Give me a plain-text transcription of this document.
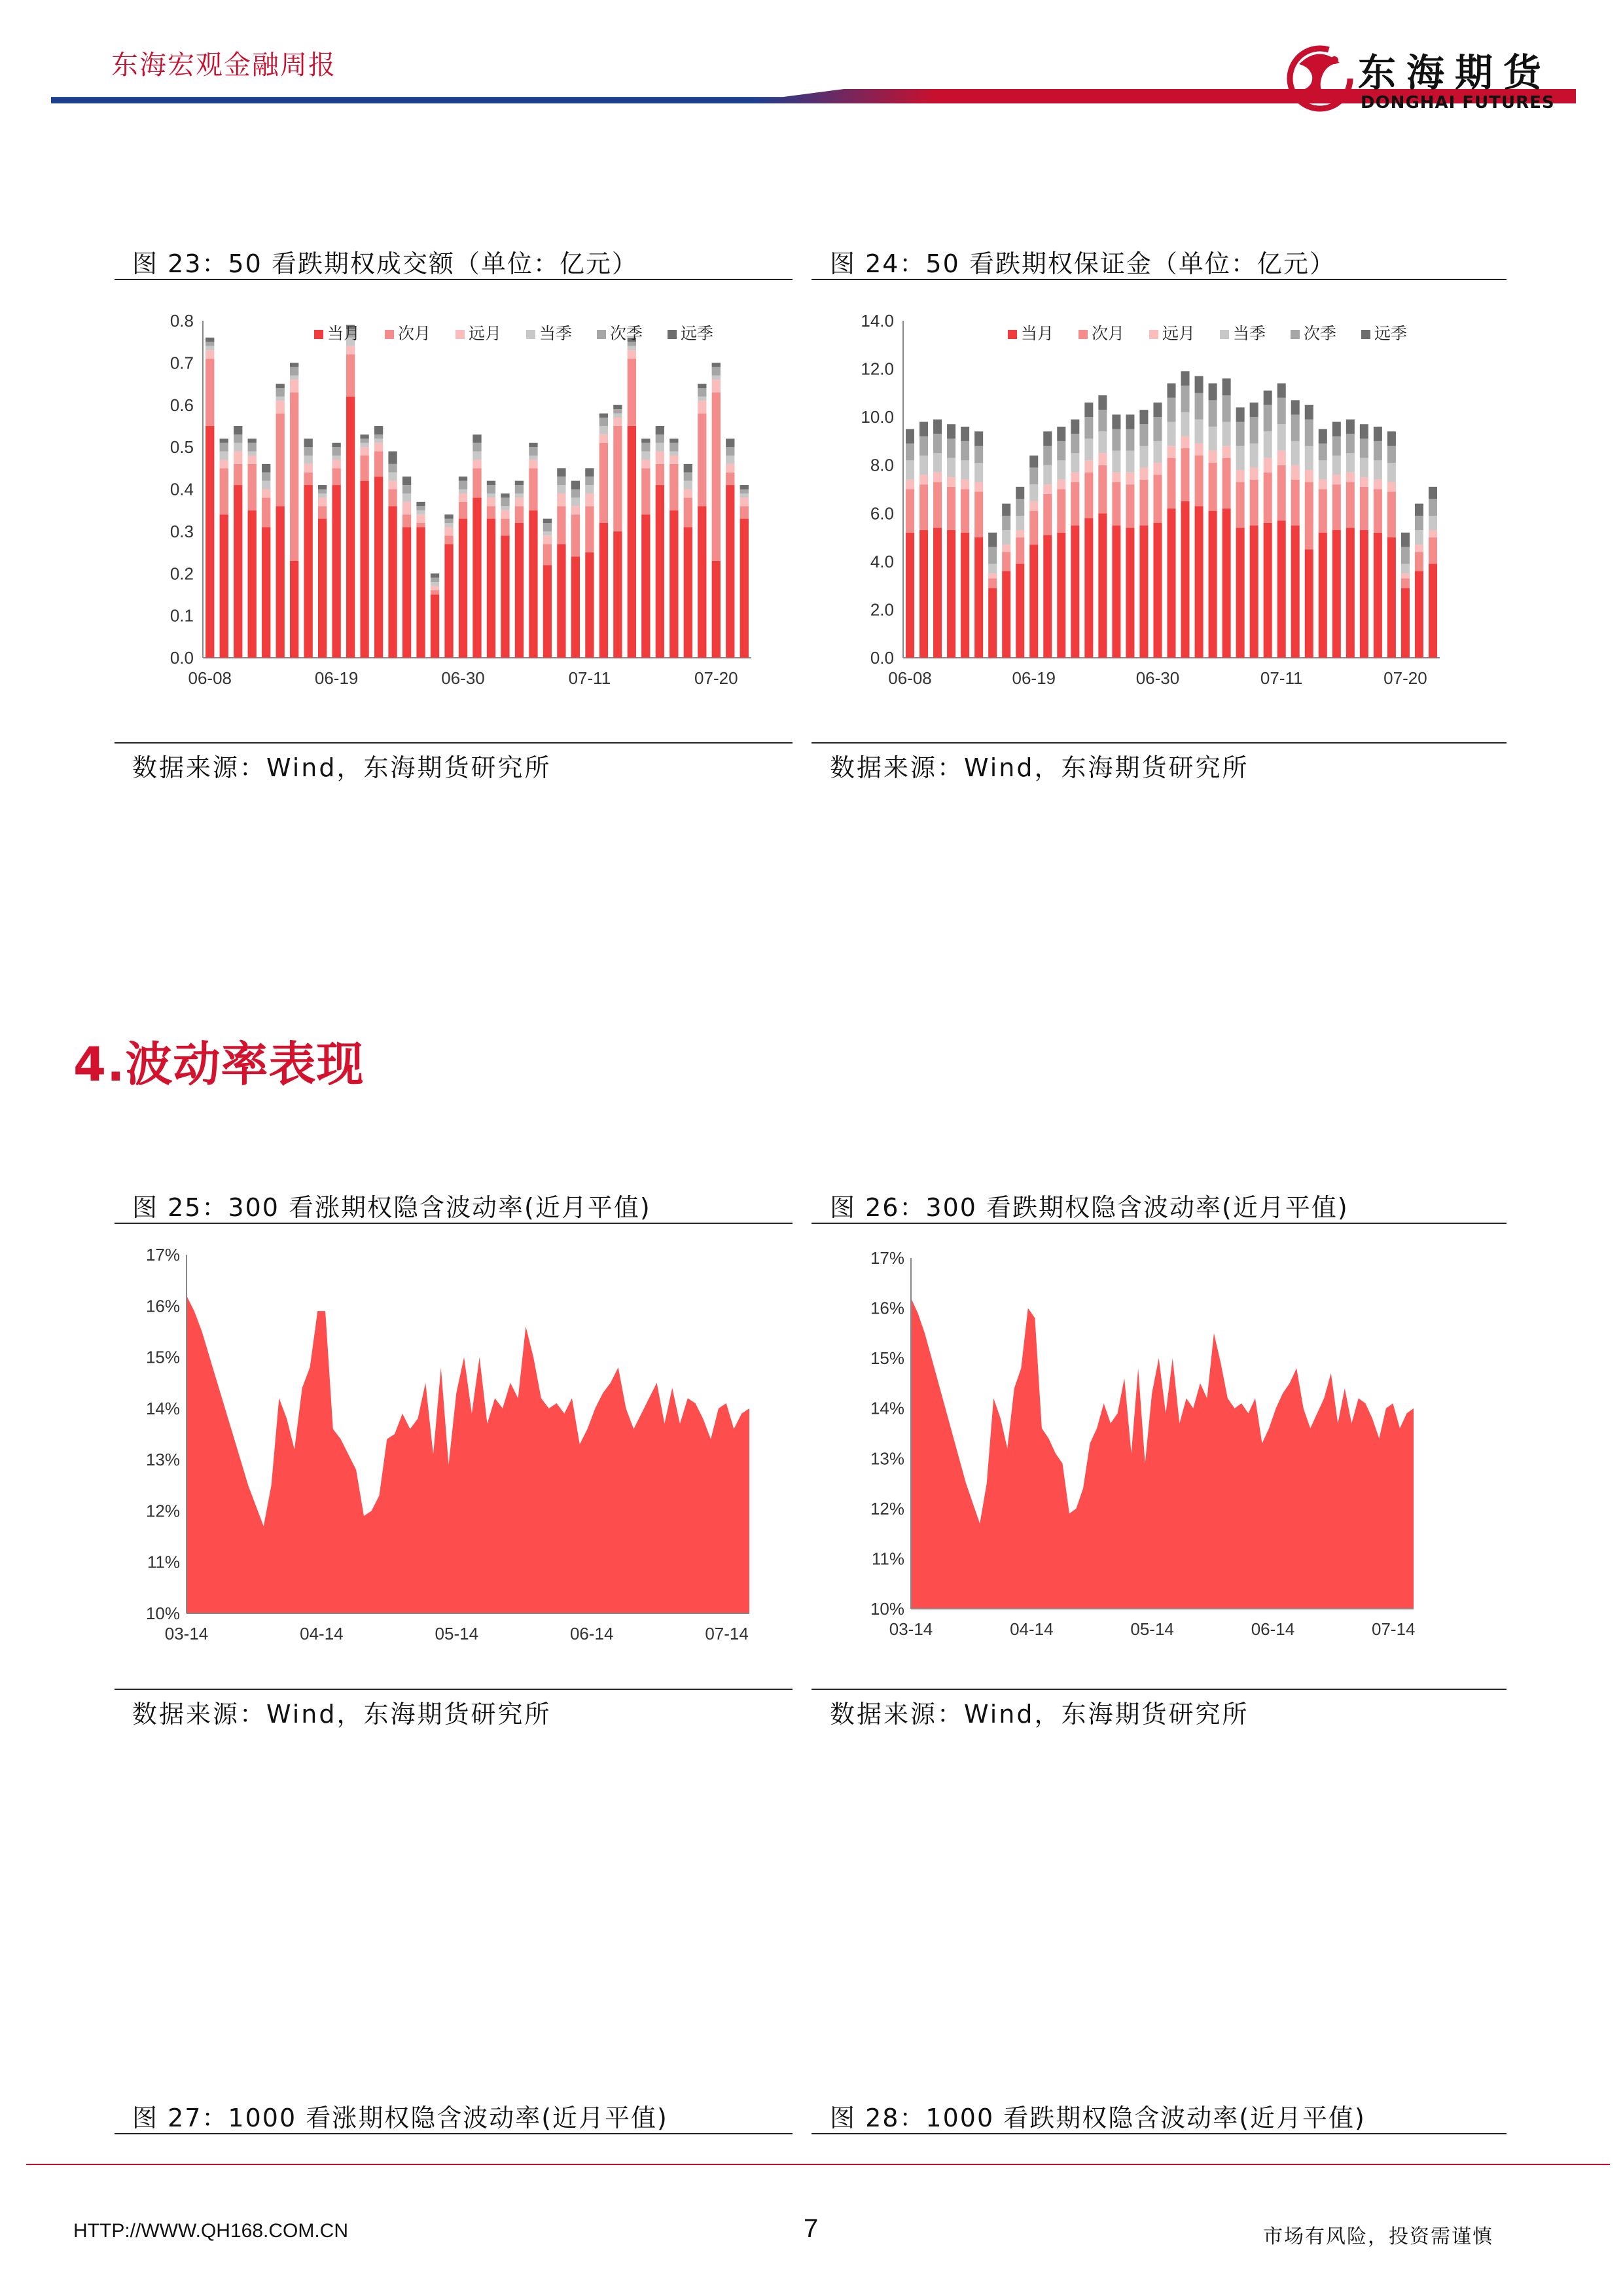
东海宏观金融周报	东海期货
DONGHAI FUTURES
图 23：50 看跌期权成交额（单位：亿元）	图 24：50 看跌期权保证金（单位：亿元）
0.0
0.1
0.2
0.3
0.4
0.5
0.6
0.7
0.8
06-08	06-19	06-30	07-11	07-20
当月 次月 远月 当季 次季 远季
0.0
2.0
4.0
6.0
8.0
10.0
12.0
14.0
06-08	06-19	06-30	07-11	07-20
当月 次月 远月 当季 次季 远季
数据来源：Wind，东海期货研究所	数据来源：Wind，东海期货研究所
4.波动率表现
图 25：300 看涨期权隐含波动率(近月平值)	图 26：300 看跌期权隐含波动率(近月平值)
10%
11%
12%
13%
14%
15%
16%
17%
03-14	04-14	05-14	06-14	07-14
10%
11%
12%
13%
14%
15%
16%
17%
03-14	04-14	05-14	06-14	07-14
数据来源：Wind，东海期货研究所	数据来源：Wind，东海期货研究所
图 27：1000 看涨期权隐含波动率(近月平值)	图 28：1000 看跌期权隐含波动率(近月平值)
HTTP://WWW.QH168.COM.CN	7	市场有风险，投资需谨慎
